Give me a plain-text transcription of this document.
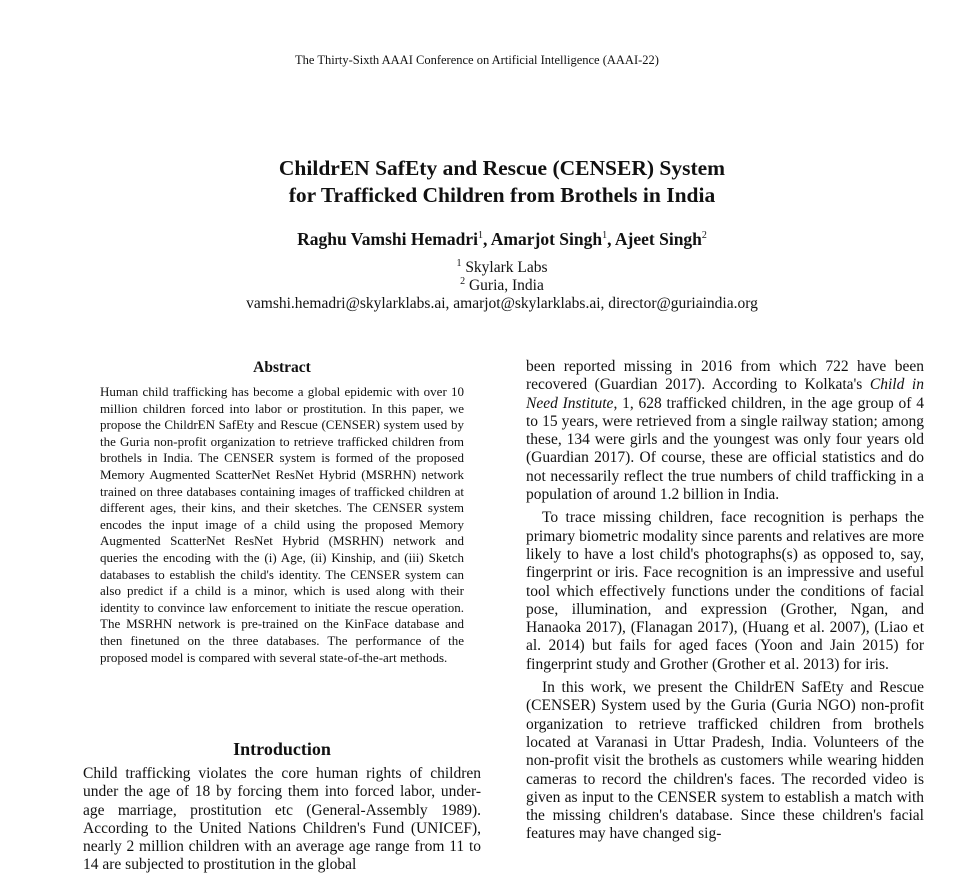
The Thirty-Sixth AAAI Conference on Artificial Intelligence (AAAI-22)
ChildrEN SafEty and Rescue (CENSER) System
for Trafficked Children from Brothels in India
Raghu Vamshi Hemadri$^1$, Amarjot Singh$^1$, Ajeet Singh$^2$
$^1$ Skylark Labs
$^2$ Guria, India
vamshi.hemadri@skylarklabs.ai, amarjot@skylarklabs.ai, director@guriaindia.org
Abstract

Human child trafficking has become a global epidemic with over 10 million children forced into labor or prostitution. In this paper, we propose the ChildrEN SafEty and Rescue (CENSER) system used by the Guria non-profit organization to retrieve trafficked children from brothels in India. The CENSER system is formed of the proposed Memory Augmented ScatterNet ResNet Hybrid (MSRHN) network trained on three databases containing images of trafficked children at different ages, their kins, and their sketches. The CENSER system encodes the input image of a child using the proposed Memory Augmented ScatterNet ResNet Hybrid (MSRHN) network and queries the encoding with the (i) Age, (ii) Kinship, and (iii) Sketch databases to establish the child's identity. The CENSER system can also predict if a child is a minor, which is used along with their identity to convince law enforcement to initiate the rescue operation. The MSRHN network is pre-trained on the KinFace database and then finetuned on the three databases. The performance of the proposed model is compared with several state-of-the-art methods.

Introduction

Child trafficking violates the core human rights of children under the age of 18 by forcing them into forced labor, under-age marriage, prostitution etc (General-Assembly 1989). According to the United Nations Children's Fund (UNICEF), nearly 2 million children with an average age range from 11 to 14 are subjected to prostitution in the global

been reported missing in 2016 from which 722 have been recovered (Guardian 2017). According to Kolkata's Child in Need Institute, 1, 628 trafficked children, in the age group of 4 to 15 years, were retrieved from a single railway station; among these, 134 were girls and the youngest was only four years old (Guardian 2017). Of course, these are official statistics and do not necessarily reflect the true numbers of child trafficking in a population of around 1.2 billion in India.

To trace missing children, face recognition is perhaps the primary biometric modality since parents and relatives are more likely to have a lost child's photographs(s) as opposed to, say, fingerprint or iris. Face recognition is an impressive and useful tool which effectively functions under the conditions of facial pose, illumination, and expression (Grother, Ngan, and Hanaoka 2017), (Flanagan 2017), (Huang et al. 2007), (Liao et al. 2014) but fails for aged faces (Yoon and Jain 2015) for fingerprint study and Grother (Grother et al. 2013) for iris.

In this work, we present the ChildrEN SafEty and Rescue (CENSER) System used by the Guria (Guria NGO) non-profit organization to retrieve trafficked children from brothels located at Varanasi in Uttar Pradesh, India. Volunteers of the non-profit visit the brothels as customers while wearing hidden cameras to record the children's faces. The recorded video is given as input to the CENSER system to establish a match with the missing children's database. Since these children's facial features may have changed sig-
